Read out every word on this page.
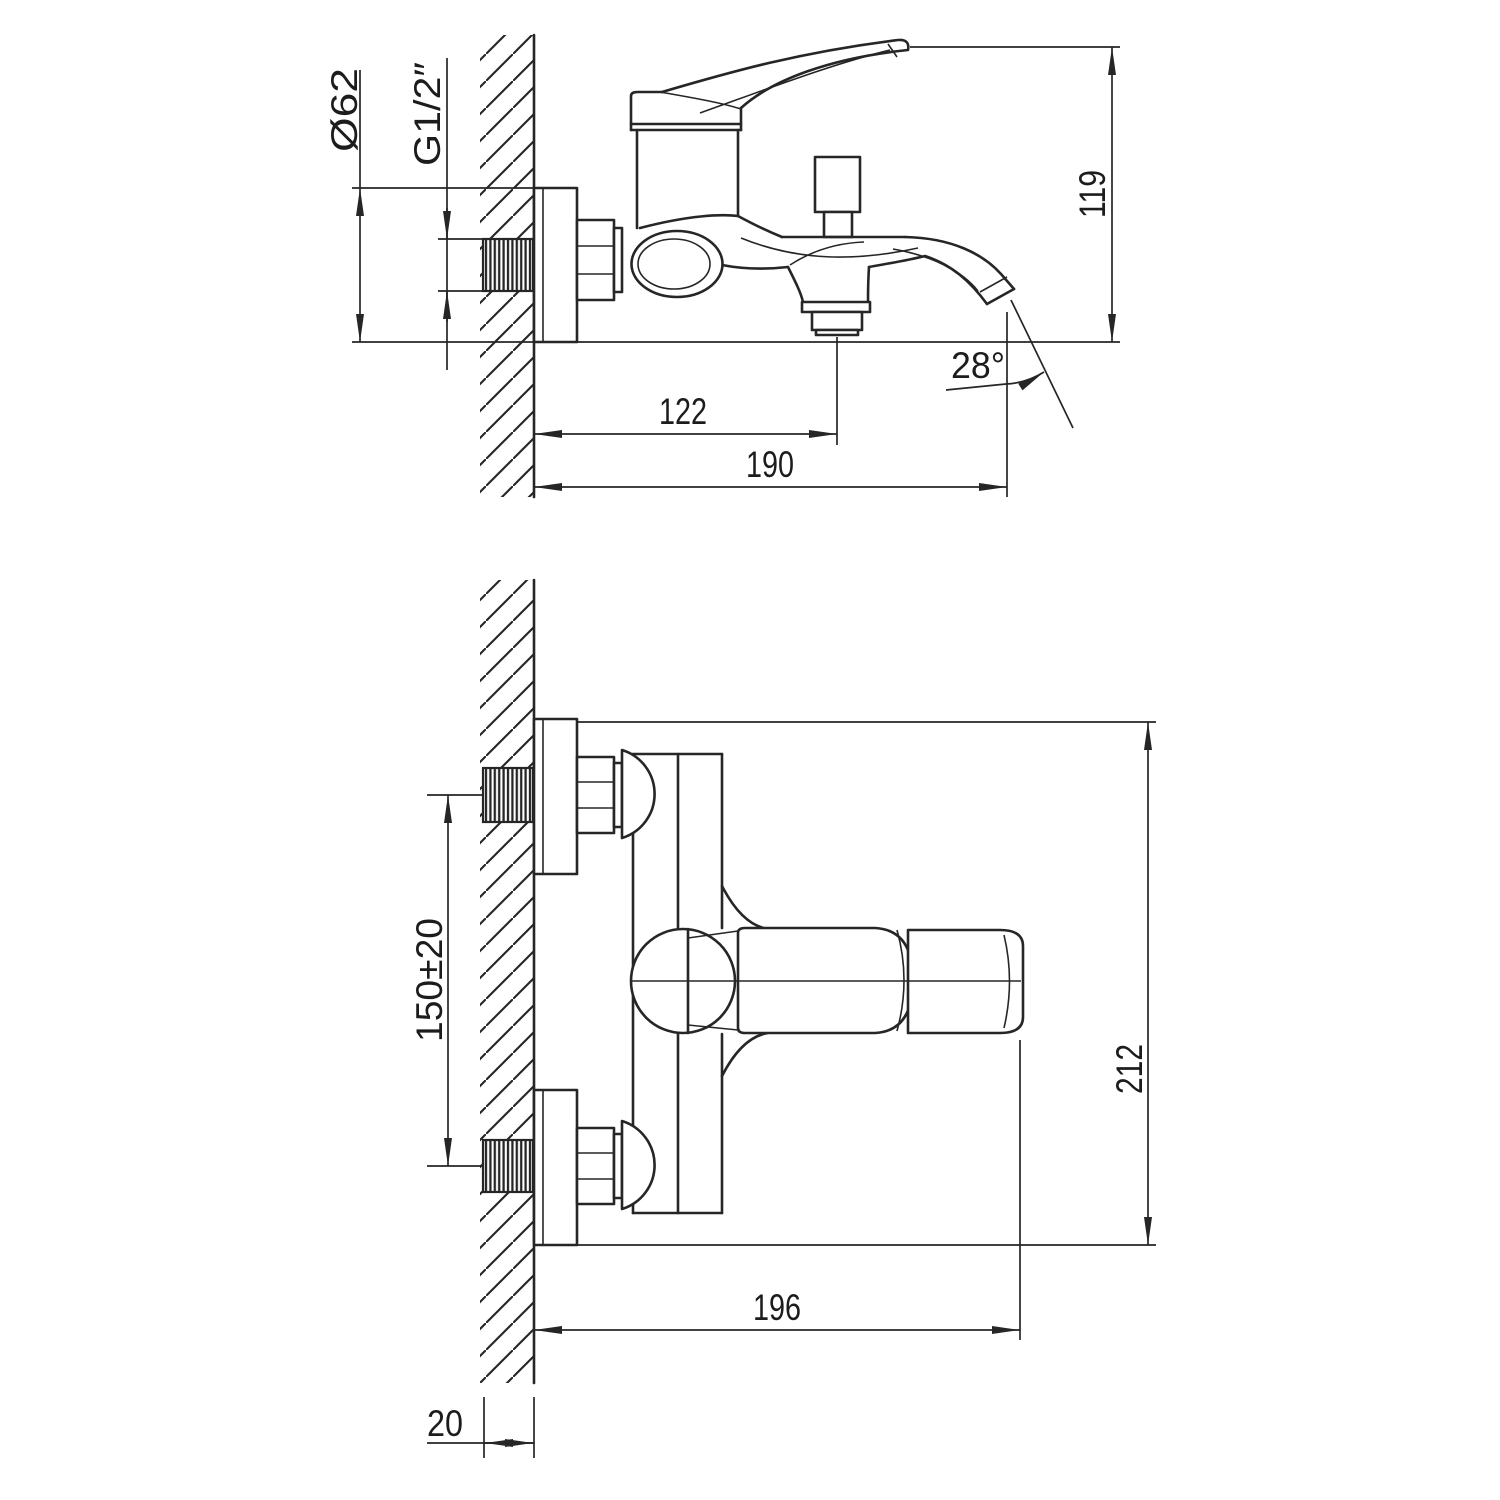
Ø62 G1/2″
119
122
190
28°
150±20
212
196
20
